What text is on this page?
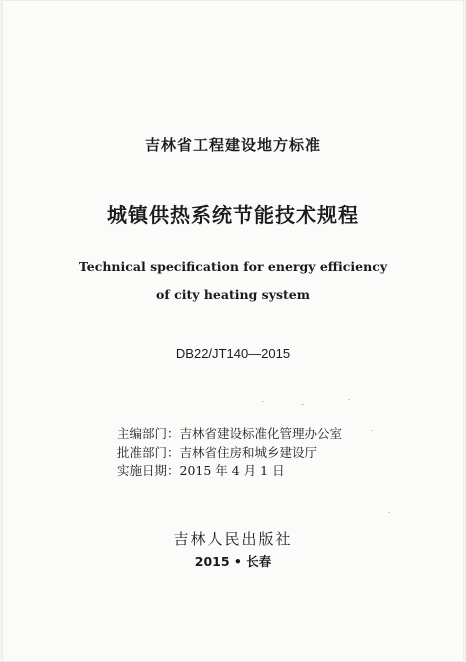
吉林省工程建设地方标准
城镇供热系统节能技术规程
Technical specification for energy efficiency
of city heating system
DB22/JT140—2015
主编部门：吉林省建设标准化管理办公室
批准部门：吉林省住房和城乡建设厅
实施日期：2015 年 4 月 1 日
吉林人民出版社
2015 • 长春
